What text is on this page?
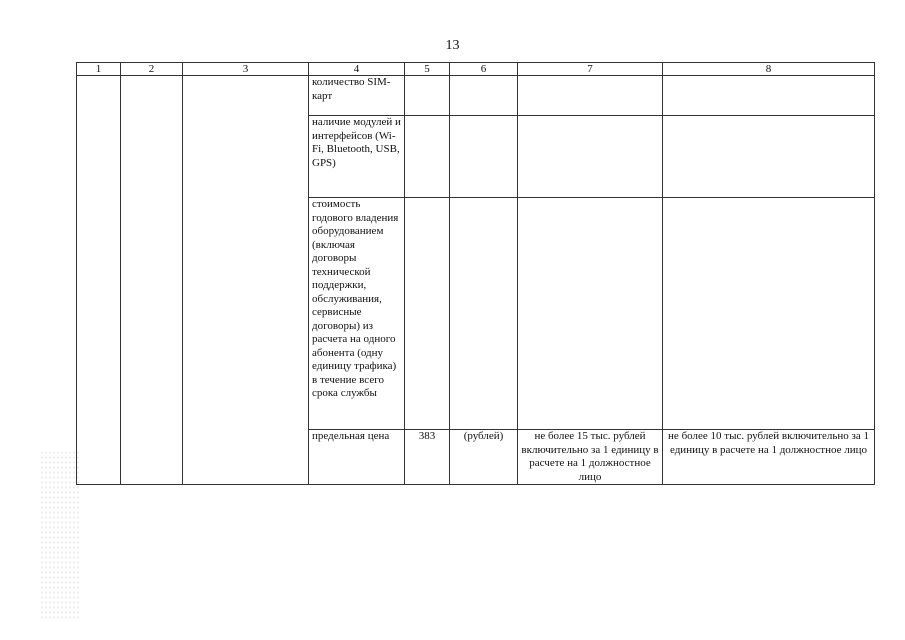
13
1	2	3	4	5	6	7	8
			количество SIM-карт				
			наличие модулей и интерфейсов (Wi-Fi, Bluetooth, USB, GPS)				
			стоимость годового владения оборудованием (включая договоры технической поддержки, обслуживания, сервисные договоры) из расчета на одного абонента (одну единицу трафика) в течение всего срока службы				
			предельная цена	383	(рублей)	не более 15 тыс. рублей включительно за 1 единицу в расчете на 1 должностное лицо	не более 10 тыс. рублей включительно за 1 единицу в расчете на 1 должностное лицо
